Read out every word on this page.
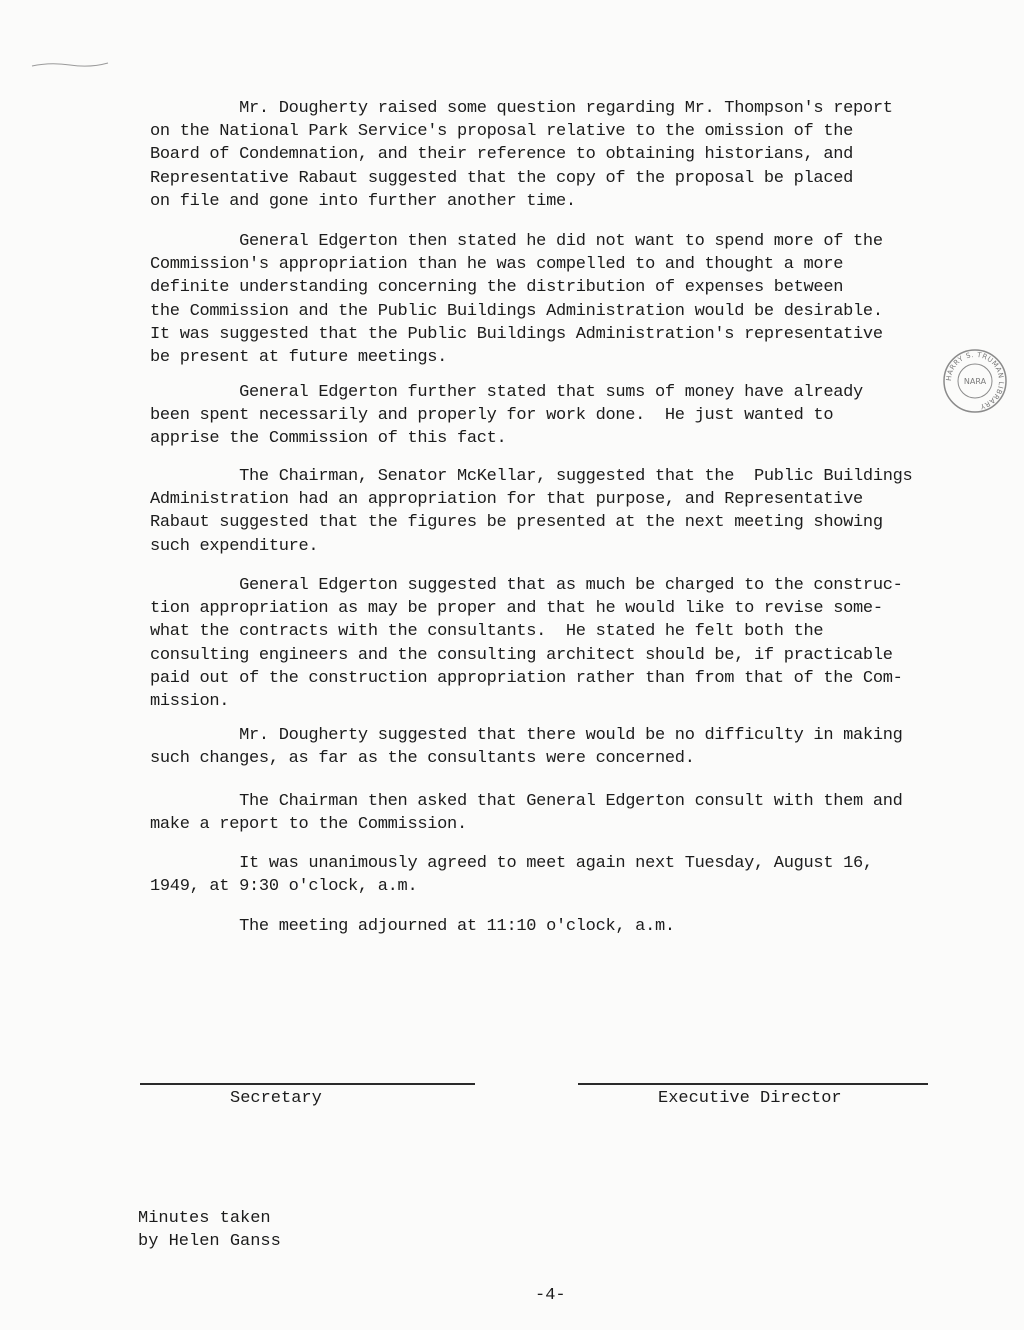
Mr. Dougherty raised some question regarding Mr. Thompson's report
on the National Park Service's proposal relative to the omission of the
Board of Condemnation, and their reference to obtaining historians, and
Representative Rabaut suggested that the copy of the proposal be placed
on file and gone into further another time.

General Edgerton then stated he did not want to spend more of the
Commission's appropriation than he was compelled to and thought a more
definite understanding concerning the distribution of expenses between
the Commission and the Public Buildings Administration would be desirable.
It was suggested that the Public Buildings Administration's representative
be present at future meetings.

General Edgerton further stated that sums of money have already
been spent necessarily and properly for work done.  He just wanted to
apprise the Commission of this fact.

The Chairman, Senator McKellar, suggested that the  Public Buildings
Administration had an appropriation for that purpose, and Representative
Rabaut suggested that the figures be presented at the next meeting showing
such expenditure.

General Edgerton suggested that as much be charged to the construc-
tion appropriation as may be proper and that he would like to revise some-
what the contracts with the consultants.  He stated he felt both the
consulting engineers and the consulting architect should be, if practicable
paid out of the construction appropriation rather than from that of the Com-
mission.

Mr. Dougherty suggested that there would be no difficulty in making
such changes, as far as the consultants were concerned.

The Chairman then asked that General Edgerton consult with them and
make a report to the Commission.

It was unanimously agreed to meet again next Tuesday, August 16,
1949, at 9:30 o'clock, a.m.

The meeting adjourned at 11:10 o'clock, a.m.

Secretary	Executive Director
Minutes taken
by Helen Ganss
-4-
HARRY S. TRUMAN LIBRARY
NARA
